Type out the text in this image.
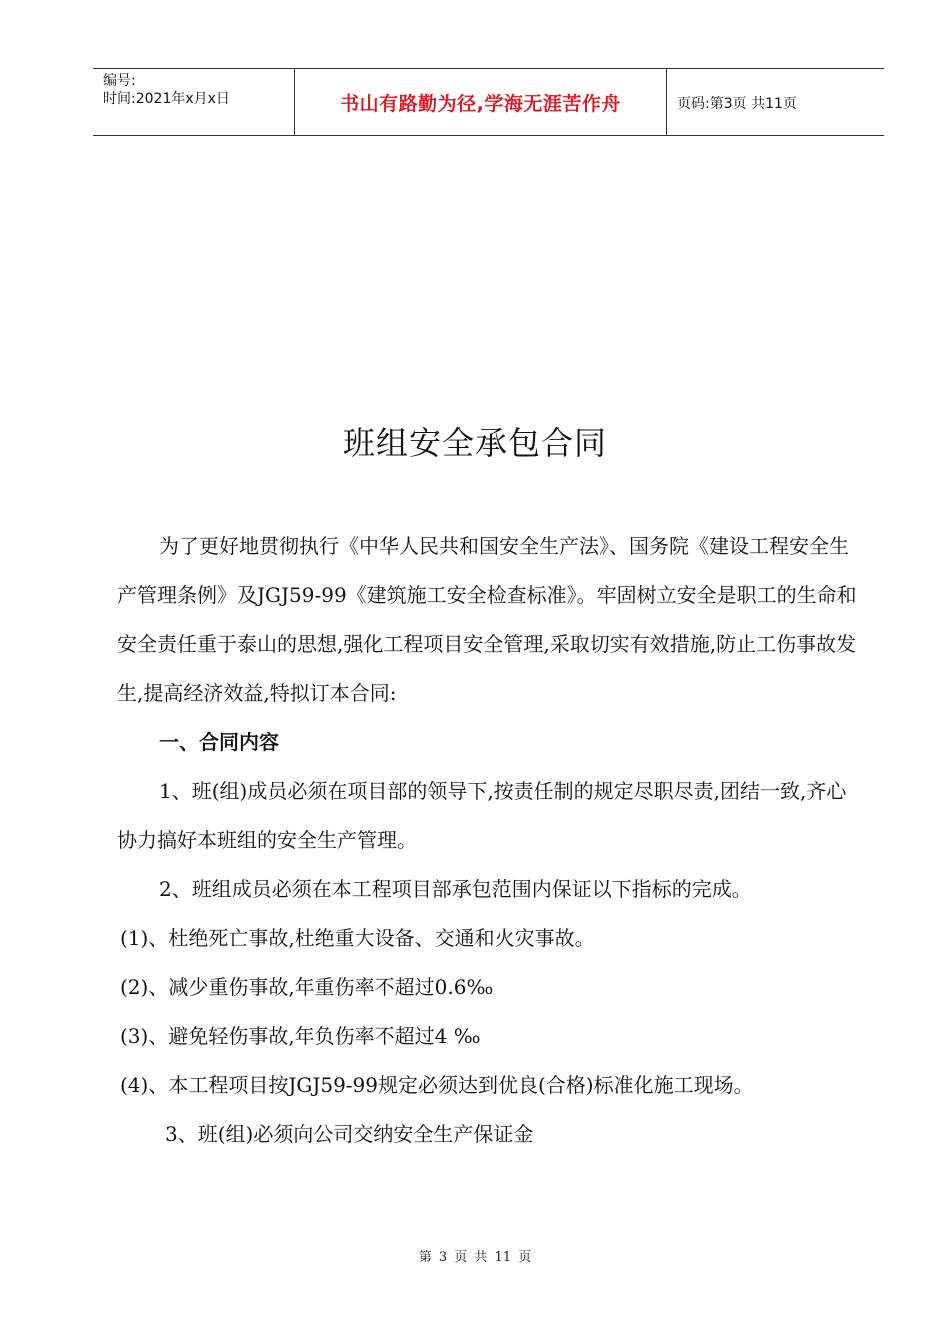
编号:
时间:2021年x月x日	书山有路勤为径,学海无涯苦作舟	页码:第3页 共11页
班组安全承包合同

为了更好地贯彻执行《中华人民共和国安全生产法》、国务院《建设工程安全生产管理条例》及JGJ59-99《建筑施工安全检查标准》。牢固树立安全是职工的生命和安全责任重于泰山的思想,强化工程项目安全管理,采取切实有效措施,防止工伤事故发生,提高经济效益,特拟订本合同:

一、合同内容

1、班(组)成员必须在项目部的领导下,按责任制的规定尽职尽责,团结一致,齐心协力搞好本班组的安全生产管理。

2、班组成员必须在本工程项目部承包范围内保证以下指标的完成。

(1)、杜绝死亡事故,杜绝重大设备、交通和火灾事故。

(2)、减少重伤事故,年重伤率不超过0.6‰

(3)、避免轻伤事故,年负伤率不超过4 ‰

(4)、本工程项目按JGJ59-99规定必须达到优良(合格)标准化施工现场。

3、班(组)必须向公司交纳安全生产保证金

第 3 页 共 11 页
